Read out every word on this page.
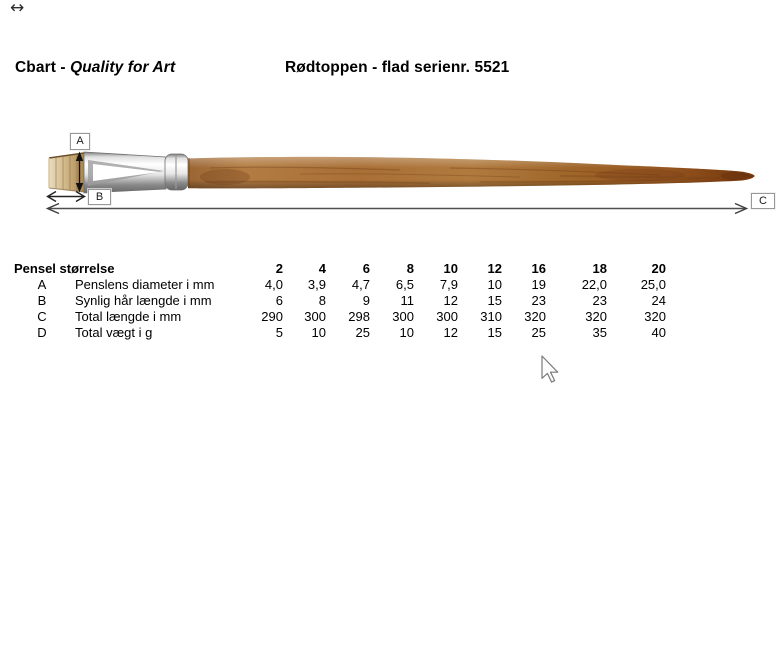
↔
Cbart - Quality for Art	Rødtoppen - flad serienr. 5521
A
B	C
Pensel størrelse		2	4	6	8	10	12	16	18	20
A	Penslens diameter i mm	4,0	3,9	4,7	6,5	7,9	10	19	22,0	25,0
B	Synlig hår længde i mm	6	8	9	11	12	15	23	23	24
C	Total længde i mm	290	300	298	300	300	310	320	320	320
D	Total vægt i g	5	10	25	10	12	15	25	35	40
